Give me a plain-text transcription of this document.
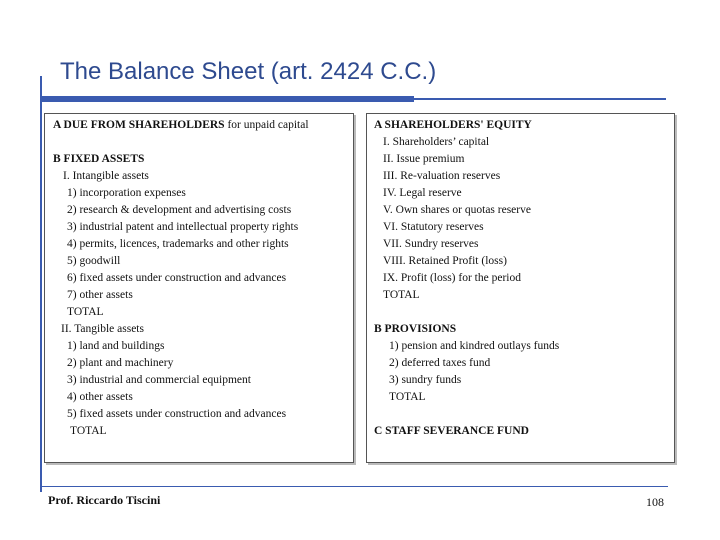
The Balance Sheet (art. 2424 C.C.)
A DUE FROM SHAREHOLDERS for unpaid capital
B FIXED ASSETS
I. Intangible assets
1) incorporation expenses
2) research & development and advertising costs
3) industrial patent and intellectual property rights
4) permits, licences, trademarks and other rights
5) goodwill
6) fixed assets under construction and advances
7) other assets
TOTAL
II. Tangible assets
1) land and buildings
2) plant and machinery
3) industrial and commercial equipment
4) other assets
5) fixed assets under construction and advances
TOTAL
A SHAREHOLDERS' EQUITY
I. Shareholders’ capital
II. Issue premium
III. Re-valuation reserves
IV. Legal reserve
V. Own shares or quotas reserve
VI. Statutory reserves
VII. Sundry reserves
VIII. Retained Profit (loss)
IX. Profit (loss) for the period
TOTAL
B PROVISIONS
1) pension and kindred outlays funds
2) deferred taxes fund
3) sundry funds
TOTAL
C STAFF SEVERANCE FUND
Prof. Riccardo Tiscini	108
